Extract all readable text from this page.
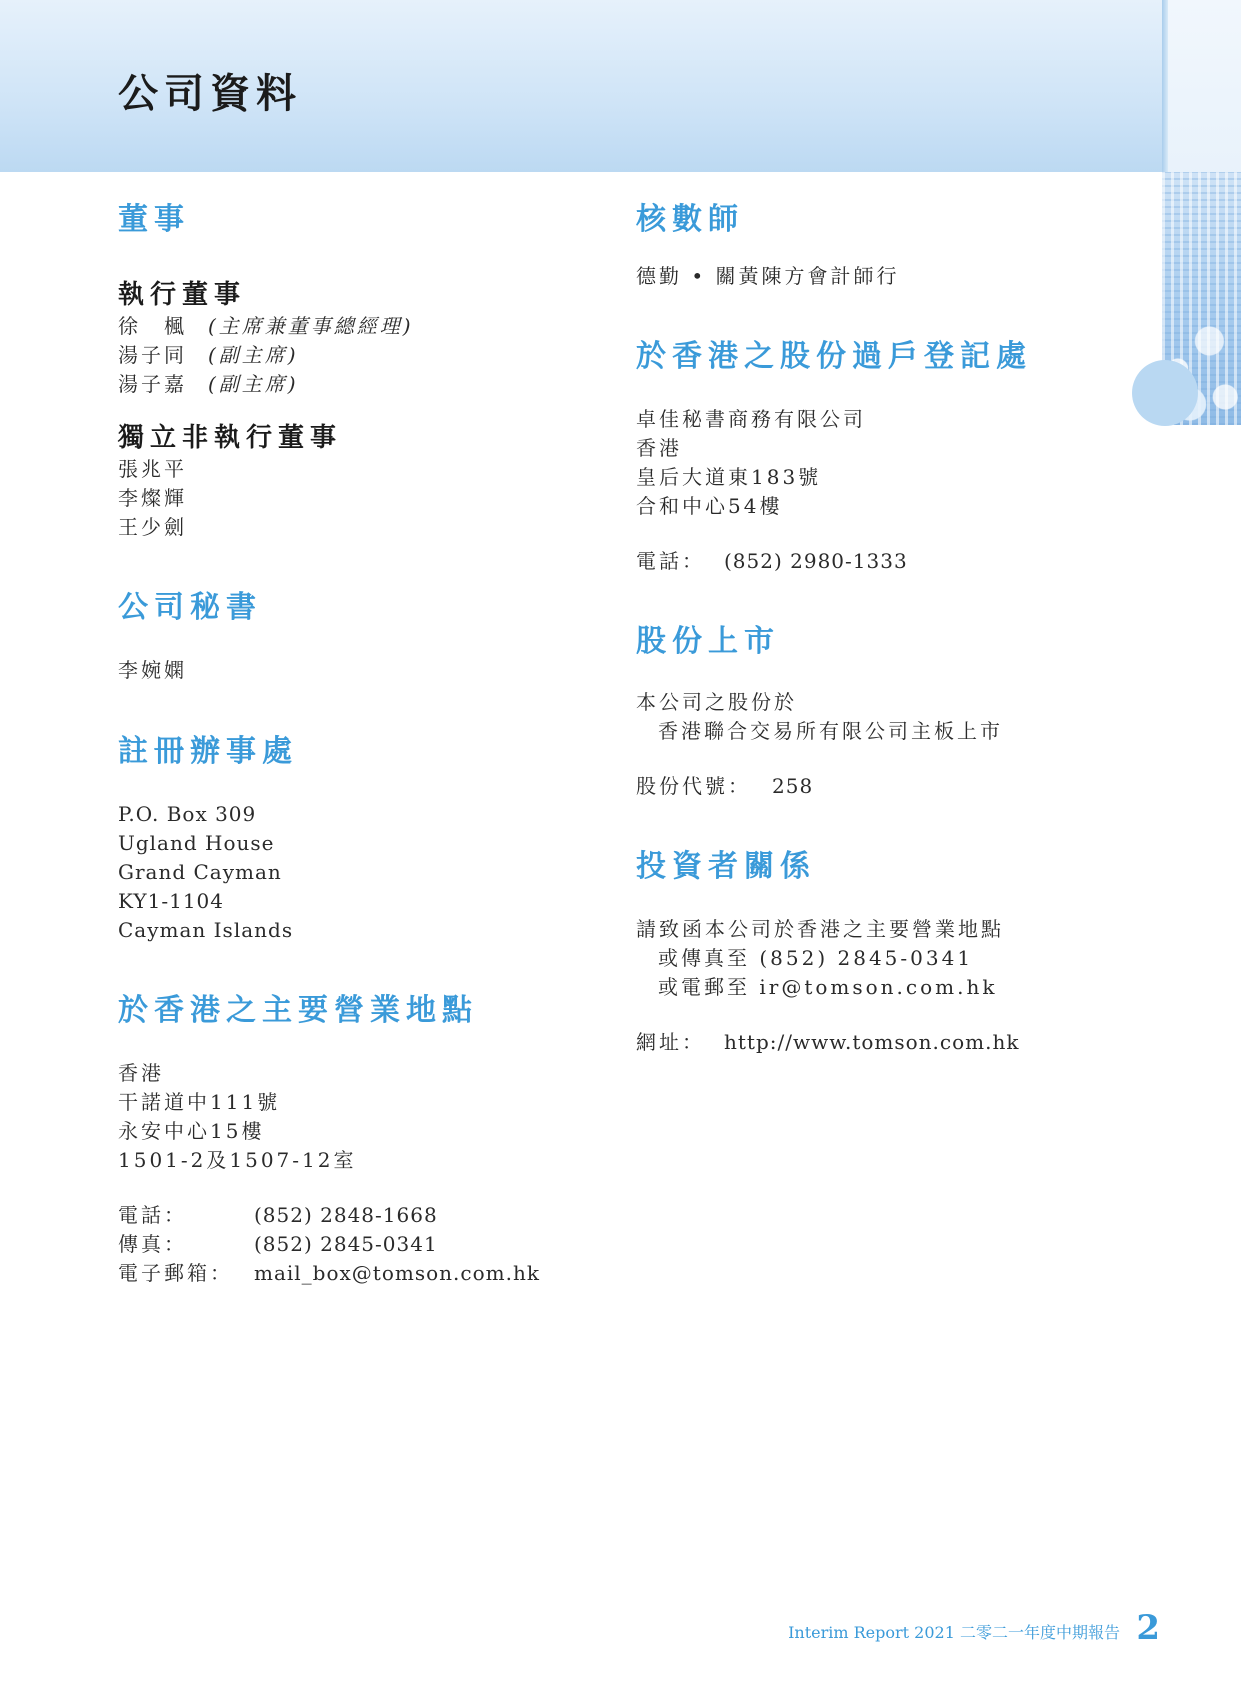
公司資料
董事
執行董事
徐　楓 (主席兼董事總經理)
湯子同 (副主席)
湯子嘉 (副主席)
獨立非執行董事
張兆平
李燦輝
王少劍
公司秘書
李婉嫻
註冊辦事處
P.O. Box 309
Ugland House
Grand Cayman
KY1-1104
Cayman Islands
於香港之主要營業地點
香港
干諾道中111號
永安中心15樓
1501-2及1507-12室
電話：	(852) 2848-1668
傳真：	(852) 2845-0341
電子郵箱：	mail_box@tomson.com.hk
核數師
德勤 • 關黃陳方會計師行
於香港之股份過戶登記處
卓佳秘書商務有限公司
香港
皇后大道東183號
合和中心54樓
電話： (852) 2980-1333
股份上市
本公司之股份於
香港聯合交易所有限公司主板上市
股份代號：	258
投資者關係
請致函本公司於香港之主要營業地點
或傳真至 (852) 2845-0341
或電郵至 ir@tomson.com.hk
網址： http://www.tomson.com.hk
Interim Report 2021 二零二一年度中期報告 2
